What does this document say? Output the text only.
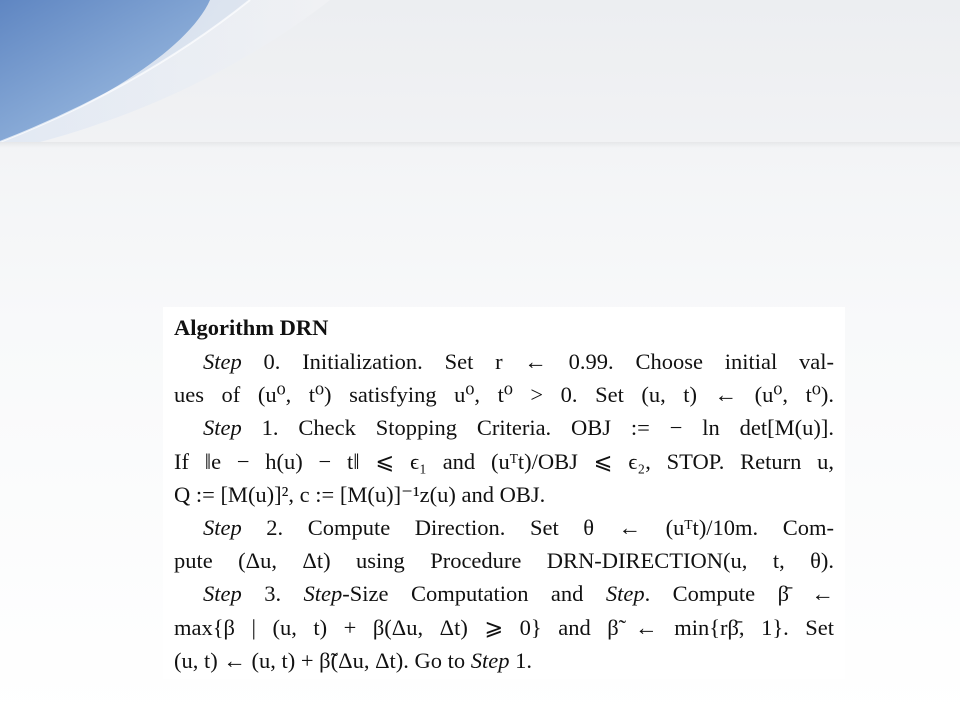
Algorithm DRN
Step 0. Initialization. Set r ← 0.99. Choose initial val-
ues of (u⁰, t⁰) satisfying u⁰, t⁰ > 0. Set (u, t) ← (u⁰, t⁰).
Step 1. Check Stopping Criteria. OBJ := − ln det[M(u)].
If ‖e − h(u) − t‖ ⩽ ϵ₁ and (uᵀt)/OBJ ⩽ ϵ₂, STOP. Return u,
Q := [M(u)]², c := [M(u)]⁻¹z(u) and OBJ.
Step 2. Compute Direction. Set θ ← (uᵀt)/10m. Com-
pute (Δu, Δt) using Procedure DRN-DIRECTION(u, t, θ).
Step 3. Step-Size Computation and Step. Compute β̄ ←
max{β | (u, t) + β(Δu, Δt) ⩾ 0} and β̃ ← min{rβ̄, 1}. Set
(u, t) ← (u, t) + β̃(Δu, Δt). Go to Step 1.
